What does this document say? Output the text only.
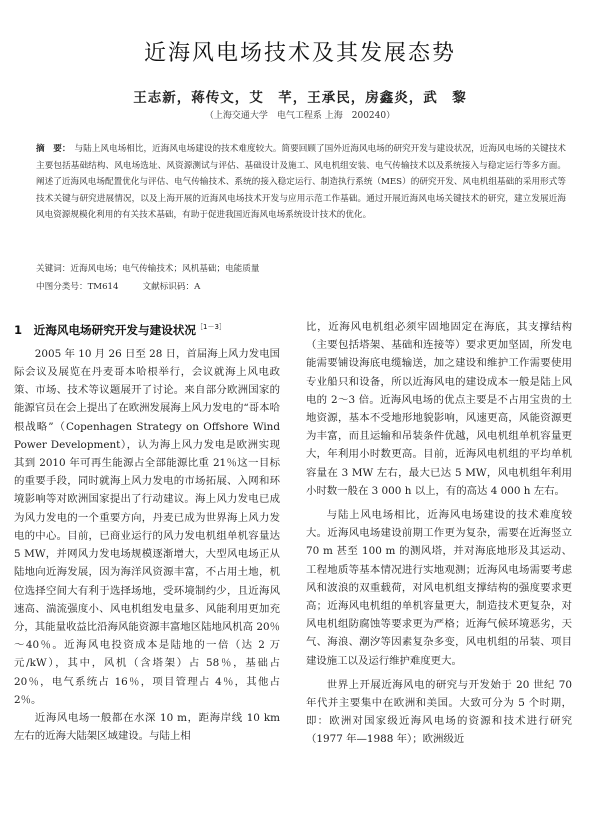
近海风电场技术及其发展态势
王志新，蒋传文，艾　芊，王承民，房鑫炎，武　黎
（上海交通大学　电气工程系 上海　200240）
摘　要： 与陆上风电场相比，近海风电场建设的技术难度较大。简要回顾了国外近海风电场的研究开发与建设状况，近海风电场的关键技术主要包括基础结构、风电场选址、风资源测试与评估、基础设计及施工、风电机组安装、电气传输技术以及系统接入与稳定运行等多方面。阐述了近海风电场配置优化与评估、电气传输技术、系统的接入稳定运行、制造执行系统（MES）的研究开发、风电机组基础的采用形式等技术关键与研究进展情况，以及上海开展的近海风电场技术开发与应用示范工作基础。通过开展近海风电场关键技术的研究，建立发展近海风电资源规模化利用的有关技术基础，有助于促进我国近海风电场系统设计技术的优化。
关键词：近海风电场；电气传输技术；风机基础；电能质量
中图分类号：TM614	文献标识码：A
1　近海风电场研究开发与建设状况$^{[1-3]}$

2005 年 10 月 26 日至 28 日，首届海上风力发电国际会议及展览在丹麦哥本哈根举行，会议就海上风电政策、市场、技术等议题展开了讨论。来自部分欧洲国家的能源官员在会上提出了在欧洲发展海上风力发电的“哥本哈根战略”（Copenhagen Strategy on Offshore Wind Power Development），认为海上风力发电是欧洲实现其到 2010 年可再生能源占全部能源比重 21％这一目标的重要手段，同时就海上风力发电的市场拓展、入网和环境影响等对欧洲国家提出了行动建议。海上风力发电已成为风力发电的一个重要方向，丹麦已成为世界海上风力发电的中心。目前，已商业运行的风力发电机组单机容量达 5 MW，并网风力发电场规模逐渐增大，大型风电场正从陆地向近海发展，因为海洋风资源丰富，不占用土地，机位选择空间大有利于选择场地，受环境制约少，且近海风速高、湍流强度小、风电机组发电量多、风能利用更加充分，其能量收益比沿海风能资源丰富地区陆地风机高 20％～40％。近海风电投资成本是陆地的一倍（达 2 万元/kW），其中，风机（含塔架）占 58％，基础占 20％，电气系统占 16％，项目管理占 4％，其他占 2％。

近海风电场一般都在水深 10 m，距海岸线 10 km 左右的近海大陆架区域建设。与陆上相

比，近海风电机组必须牢固地固定在海底，其支撑结构（主要包括塔架、基础和连接等）要求更加坚固，所发电能需要铺设海底电缆输送，加之建设和维护工作需要使用专业船只和设备，所以近海风电的建设成本一般是陆上风电的 2～3 倍。近海风电场的优点主要是不占用宝贵的土地资源，基本不受地形地貌影响，风速更高，风能资源更为丰富，而且运输和吊装条件优越，风电机组单机容量更大，年利用小时数更高。目前，近海风电机组的平均单机容量在 3 MW 左右，最大已达 5 MW，风电机组年利用小时数一般在 3 000 h 以上，有的高达 4 000 h 左右。

与陆上风电场相比，近海风电场建设的技术难度较大。近海风电场建设前期工作更为复杂，需要在近海竖立 70 m 甚至 100 m 的测风塔，并对海底地形及其运动、工程地质等基本情况进行实地观测；近海风电场需要考虑风和波浪的双重载荷，对风电机组支撑结构的强度要求更高；近海风电机组的单机容量更大，制造技术更复杂，对风电机组防腐蚀等要求更为严格；近海气候环境恶劣，天气、海浪、潮汐等因素复杂多变，风电机组的吊装、项目建设施工以及运行维护难度更大。

世界上开展近海风电的研究与开发始于 20 世纪 70 年代并主要集中在欧洲和美国。大致可分为 5 个时期，即：欧洲对国家级近海风电场的资源和技术进行研究（1977 年—1988 年）；欧洲级近
